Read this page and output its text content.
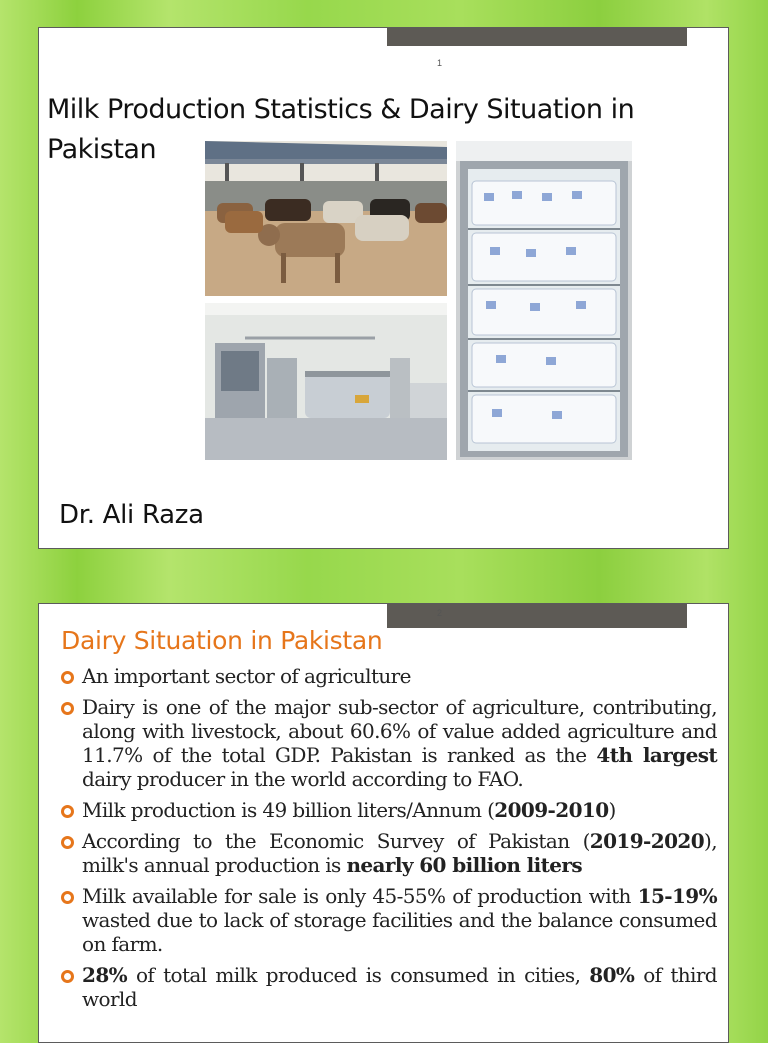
1
Milk Production Statistics & Dairy Situation in Pakistan
Dr. Ali Raza
2
Dairy Situation in Pakistan
An important sector of agriculture
Dairy is one of the major sub-sector of agriculture, contributing, along with livestock, about 60.6% of value added agriculture and 11.7% of the total GDP. Pakistan is ranked as the 4th largest dairy producer in the world according to FAO.
Milk production is 49 billion liters/Annum (2009-2010)
According to the Economic Survey of Pakistan (2019-2020), milk's annual production is nearly 60 billion liters
Milk available for sale is only 45-55% of production with 15-19% wasted due to lack of storage facilities and the balance consumed on farm.
28% of total milk produced is consumed in cities, 80% of third world
